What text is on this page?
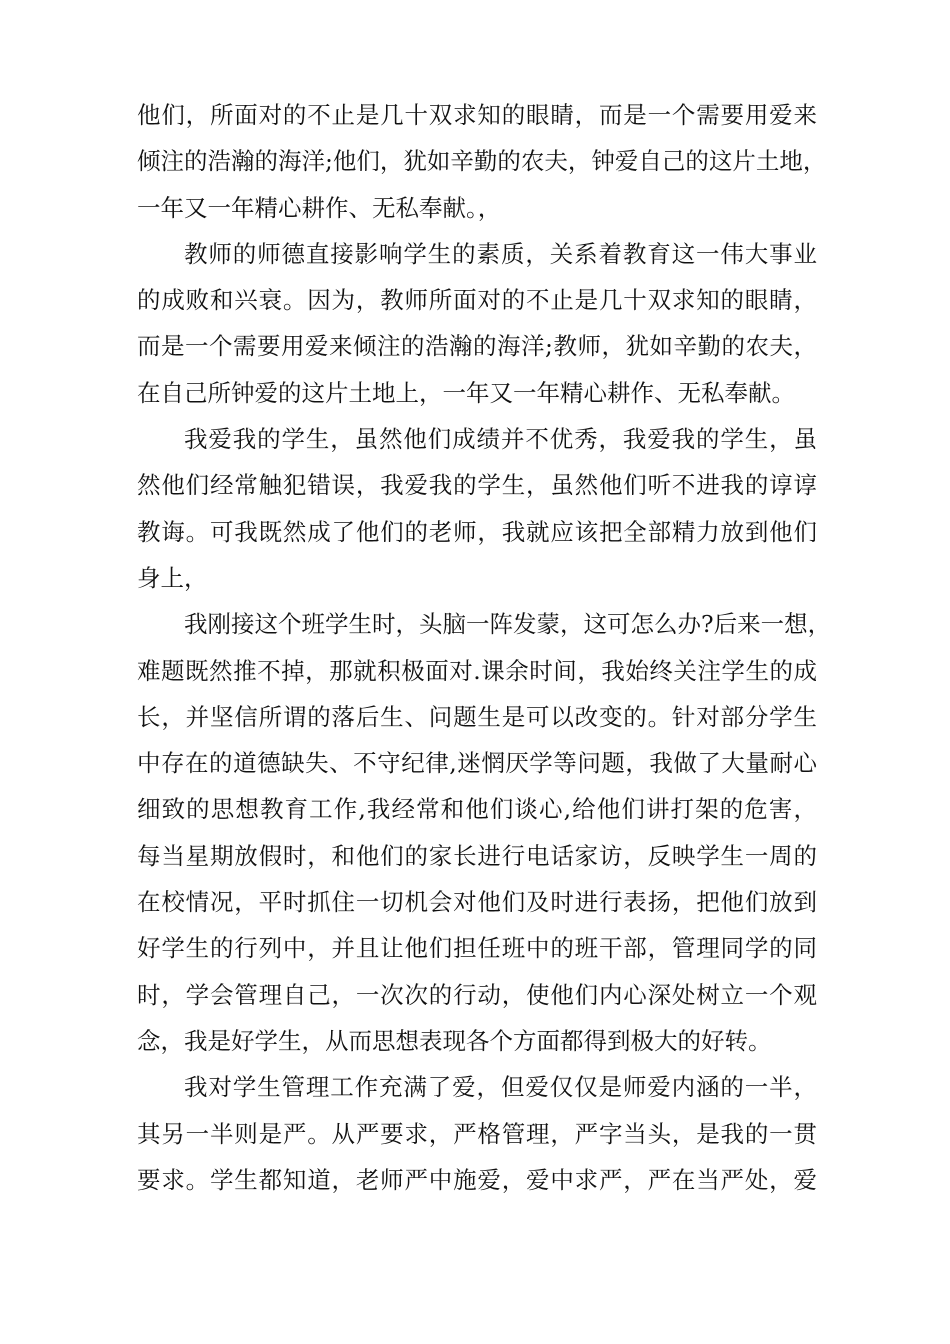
他们，所面对的不止是几十双求知的眼睛，而是一个需要用爱来
倾注的浩瀚的海洋;他们，犹如辛勤的农夫，钟爱自己的这片土地，
一年又一年精心耕作、无私奉献。，
教师的师德直接影响学生的素质，关系着教育这一伟大事业
的成败和兴衰。因为，教师所面对的不止是几十双求知的眼睛，
而是一个需要用爱来倾注的浩瀚的海洋;教师，犹如辛勤的农夫，
在自己所钟爱的这片土地上，一年又一年精心耕作、无私奉献。
我爱我的学生，虽然他们成绩并不优秀，我爱我的学生，虽
然他们经常触犯错误，我爱我的学生，虽然他们听不进我的谆谆
教诲。可我既然成了他们的老师，我就应该把全部精力放到他们
身上，
我刚接这个班学生时，头脑一阵发蒙，这可怎么办?后来一想，
难题既然推不掉，那就积极面对.课余时间，我始终关注学生的成
长，并坚信所谓的落后生、问题生是可以改变的。针对部分学生
中存在的道德缺失、不守纪律,迷惘厌学等问题，我做了大量耐心
细致的思想教育工作,我经常和他们谈心,给他们讲打架的危害，
每当星期放假时，和他们的家长进行电话家访，反映学生一周的
在校情况，平时抓住一切机会对他们及时进行表扬，把他们放到
好学生的行列中，并且让他们担任班中的班干部，管理同学的同
时，学会管理自己，一次次的行动，使他们内心深处树立一个观
念，我是好学生，从而思想表现各个方面都得到极大的好转。
我对学生管理工作充满了爱，但爱仅仅是师爱内涵的一半，
其另一半则是严。从严要求，严格管理，严字当头，是我的一贯
要求。学生都知道，老师严中施爱，爱中求严，严在当严处，爱
